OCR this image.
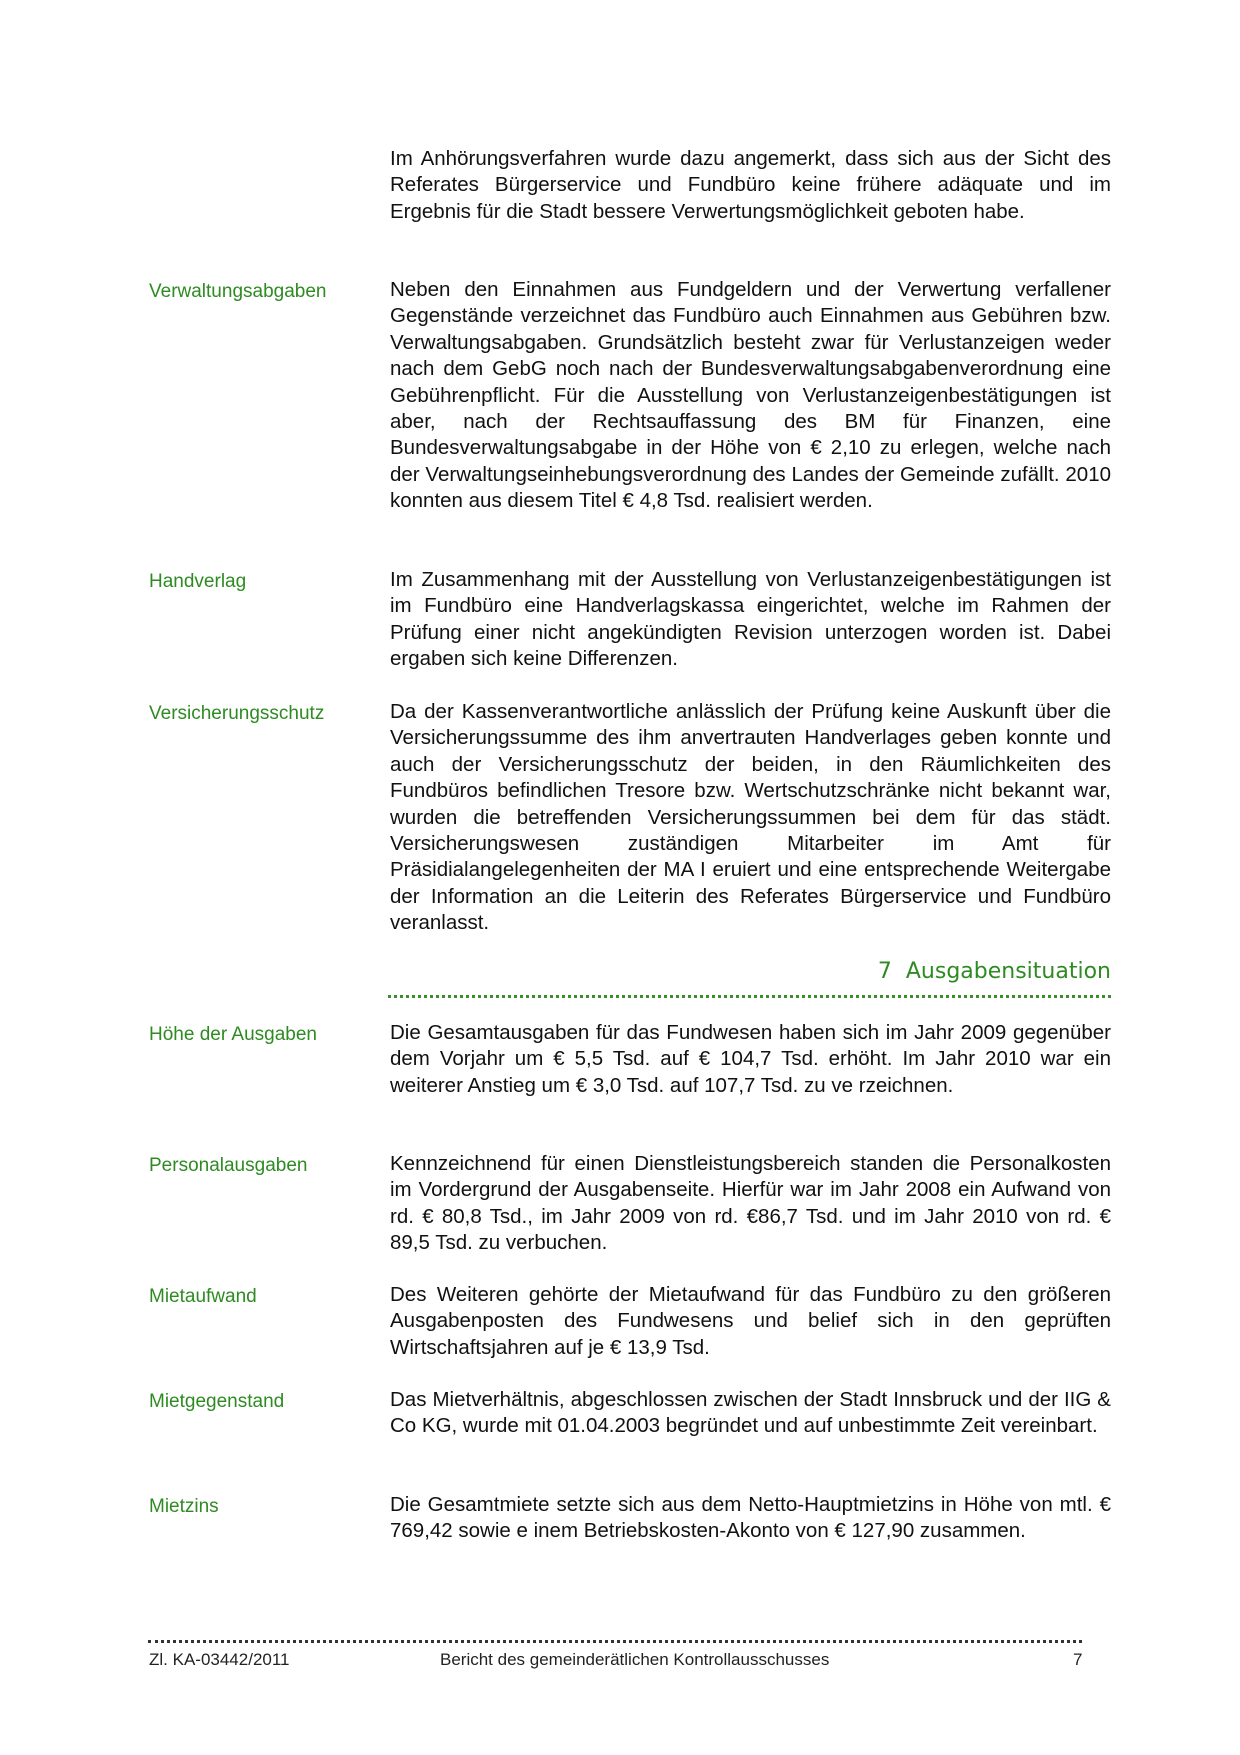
Im Anhörungsverfahren wurde dazu angemerkt, dass sich aus der Sicht des Referates Bürgerservice und Fundbüro keine frühere adäquate und im Ergebnis für die Stadt bessere Verwertungsmöglichkeit geboten habe.

Verwaltungsabgaben	Neben den Einnahmen aus Fundgeldern und der Verwertung verfallener Gegenstände verzeichnet das Fundbüro auch Einnahmen aus Gebühren bzw. Verwaltungsabgaben. Grundsätzlich besteht zwar für Verlustanzeigen weder nach dem GebG noch nach der Bundesverwaltungsabgabenverordnung eine Gebührenpflicht. Für die Ausstellung von Verlustanzeigenbestätigungen ist aber, nach der Rechtsauffassung des BM für Finanzen, eine Bundesverwaltungsabgabe in der Höhe von € 2,10 zu erlegen, welche nach der Verwaltungseinhebungsverordnung des Landes der Gemeinde zufällt. 2010 konnten aus diesem Titel € 4,8 Tsd. realisiert werden.

Handverlag	Im Zusammenhang mit der Ausstellung von Verlustanzeigenbestätigungen ist im Fundbüro eine Handverlagskassa eingerichtet, welche im Rahmen der Prüfung einer nicht angekündigten Revision unterzogen worden ist. Dabei ergaben sich keine Differenzen.

Versicherungsschutz	Da der Kassenverantwortliche anlässlich der Prüfung keine Auskunft über die Versicherungssumme des ihm anvertrauten Handverlages geben konnte und auch der Versicherungsschutz der beiden, in den Räumlichkeiten des Fundbüros befindlichen Tresore bzw. Wertschutzschränke nicht bekannt war, wurden die betreffenden Versicherungssummen bei dem für das städt. Versicherungswesen zuständigen Mitarbeiter im Amt für Präsidialangelegenheiten der MA I eruiert und eine entsprechende Weitergabe der Information an die Leiterin des Referates Bürgerservice und Fundbüro veranlasst.

7 Ausgabensituation
Höhe der Ausgaben	Die Gesamtausgaben für das Fundwesen haben sich im Jahr 2009 gegenüber dem Vorjahr um € 5,5 Tsd. auf € 104,7 Tsd. erhöht. Im Jahr 2010 war ein weiterer Anstieg um € 3,0 Tsd. auf 107,7 Tsd. zu ve rzeichnen.

Personalausgaben	Kennzeichnend für einen Dienstleistungsbereich standen die Personalkosten im Vordergrund der Ausgabenseite. Hierfür war im Jahr 2008 ein Aufwand von rd. € 80,8 Tsd., im Jahr 2009 von rd. €86,7 Tsd. und im Jahr 2010 von rd. € 89,5 Tsd. zu verbuchen.

Mietaufwand	Des Weiteren gehörte der Mietaufwand für das Fundbüro zu den größeren Ausgabenposten des Fundwesens und belief sich in den geprüften Wirtschaftsjahren auf je € 13,9 Tsd.

Mietgegenstand	Das Mietverhältnis, abgeschlossen zwischen der Stadt Innsbruck und der IIG & Co KG, wurde mit 01.04.2003 begründet und auf unbestimmte Zeit vereinbart.

Mietzins	Die Gesamtmiete setzte sich aus dem Netto-Hauptmietzins in Höhe von mtl. € 769,42 sowie e inem Betriebskosten-Akonto von € 127,90 zusammen.

Zl. KA-03442/2011	Bericht des gemeinderätlichen Kontrollausschusses	7
